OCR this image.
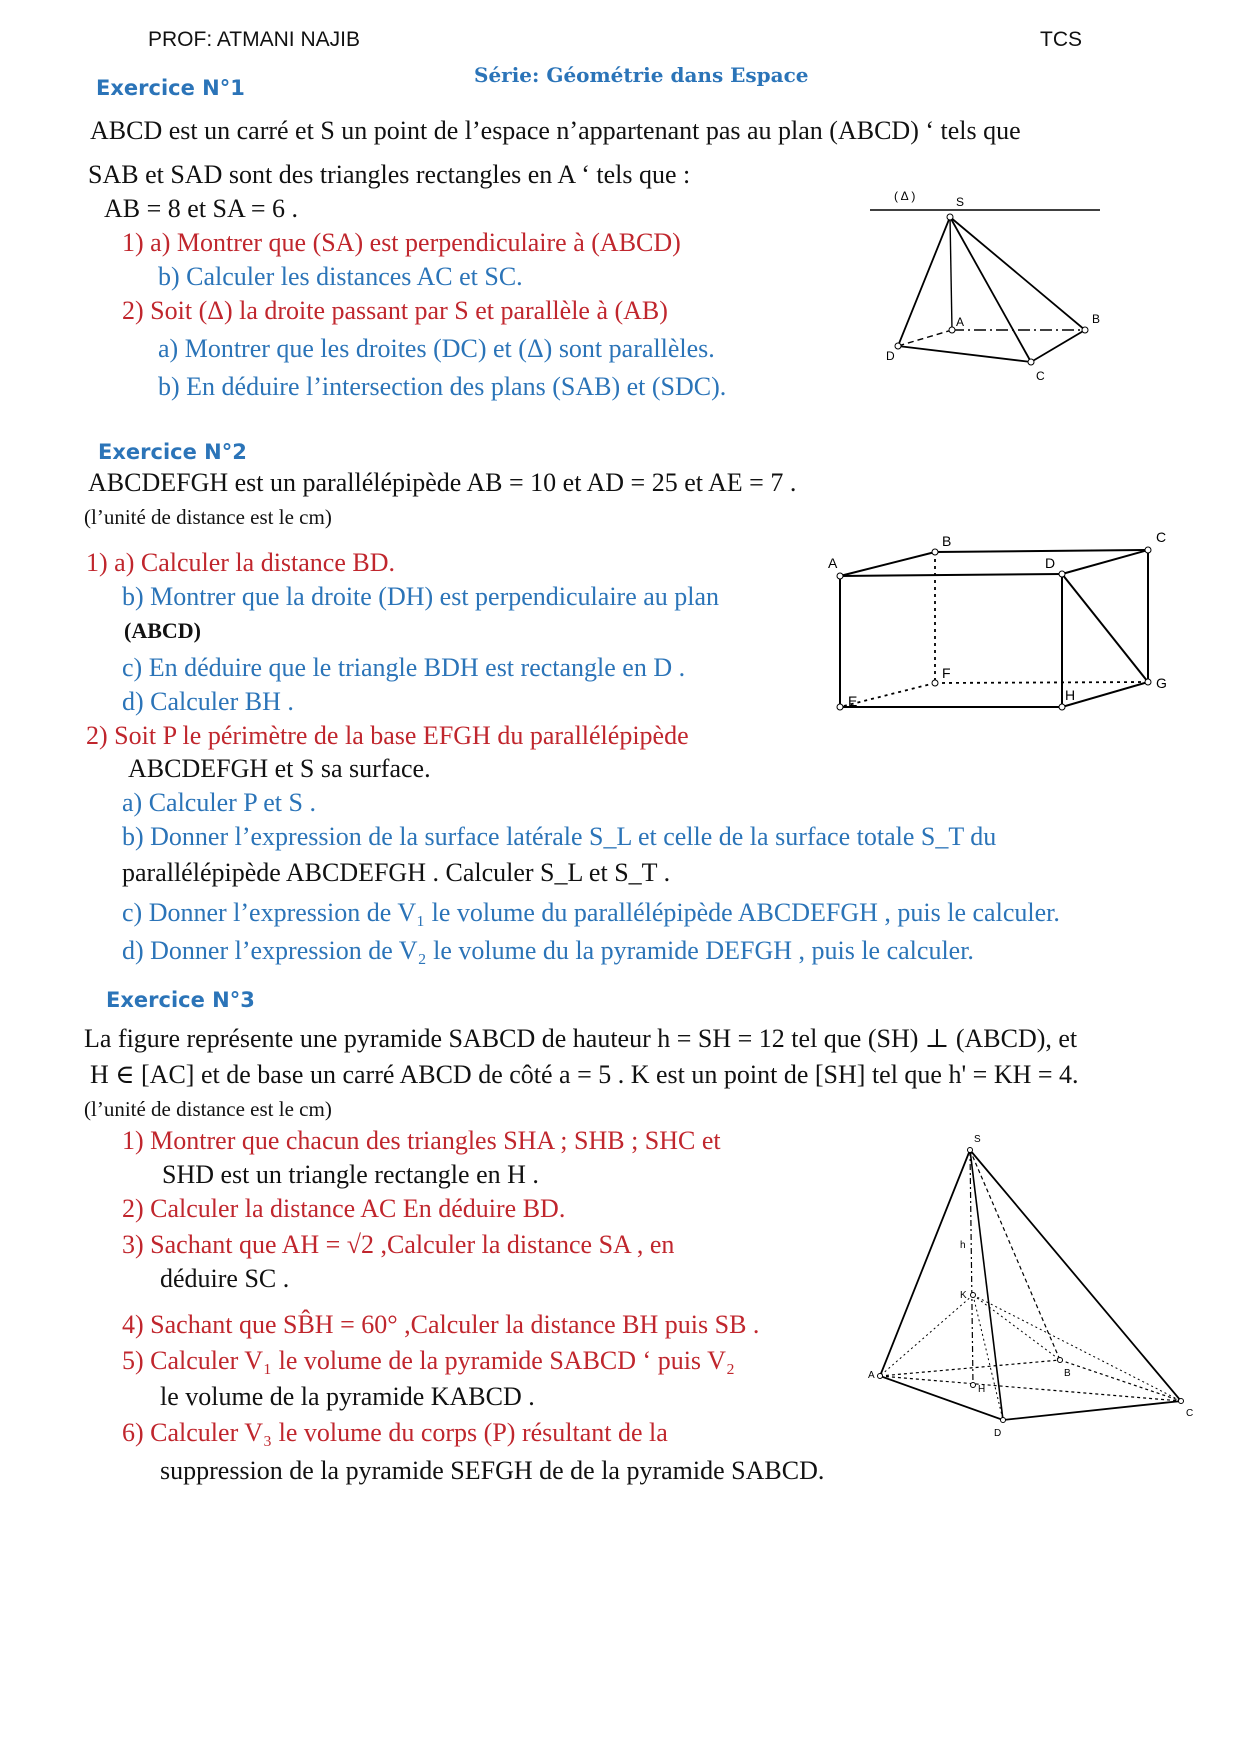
PROF: ATMANI NAJIB	TCS
Série: Géométrie dans Espace
Exercice N°1
ABCD est un carré et S un point de l’espace n’appartenant pas au plan (ABCD) ‘ tels que
SAB et SAD sont des triangles rectangles en A ‘ tels que :
AB = 8 et SA = 6 .
1) a) Montrer que (SA) est perpendiculaire à (ABCD)
b) Calculer les distances AC et SC.
2) Soit (Δ) la droite passant par S et parallèle à (AB)
a) Montrer que les droites (DC) et (Δ) sont parallèles.
b) En déduire l’intersection des plans (SAB) et (SDC).
( Δ )	S
A	B
C
D
Exercice N°2
ABCDEFGH est un parallélépipède AB = 10 et AD = 25 et AE = 7 .
(l’unité de distance est le cm)
1) a) Calculer la distance BD.
b) Montrer que la droite (DH) est perpendiculaire au plan
(ABCD)
c) En déduire que le triangle BDH est rectangle en D .
d) Calculer BH .
2) Soit P le périmètre de la base EFGH du parallélépipède
ABCDEFGH et S sa surface.
a) Calculer P et S .
b) Donner l’expression de la surface latérale S_L et celle de la surface totale S_T du
parallélépipède ABCDEFGH . Calculer S_L et S_T .
c) Donner l’expression de V₁ le volume du parallélépipède ABCDEFGH , puis le calculer.
d) Donner l’expression de V₂ le volume du la pyramide DEFGH , puis le calculer.
A
B	C
D
E
F
G
H
Exercice N°3
La figure représente une pyramide SABCD de hauteur h = SH = 12 tel que (SH) ⊥ (ABCD), et
H ∈ [AC] et de base un carré ABCD de côté a = 5 . K est un point de [SH] tel que h' = KH = 4.
(l’unité de distance est le cm)
1) Montrer que chacun des triangles SHA ; SHB ; SHC et
SHD est un triangle rectangle en H .
2) Calculer la distance AC En déduire BD.
3) Sachant que AH = √2 ,Calculer la distance SA , en
déduire SC .
4) Sachant que SB̂H = 60° ,Calculer la distance BH puis SB .
5) Calculer V₁ le volume de la pyramide SABCD ‘ puis V₂
le volume de la pyramide KABCD .
6) Calculer V₃ le volume du corps (P) résultant de la
suppression de la pyramide SEFGH de de la pyramide SABCD.
S
h
K
A
H
B
C
D
